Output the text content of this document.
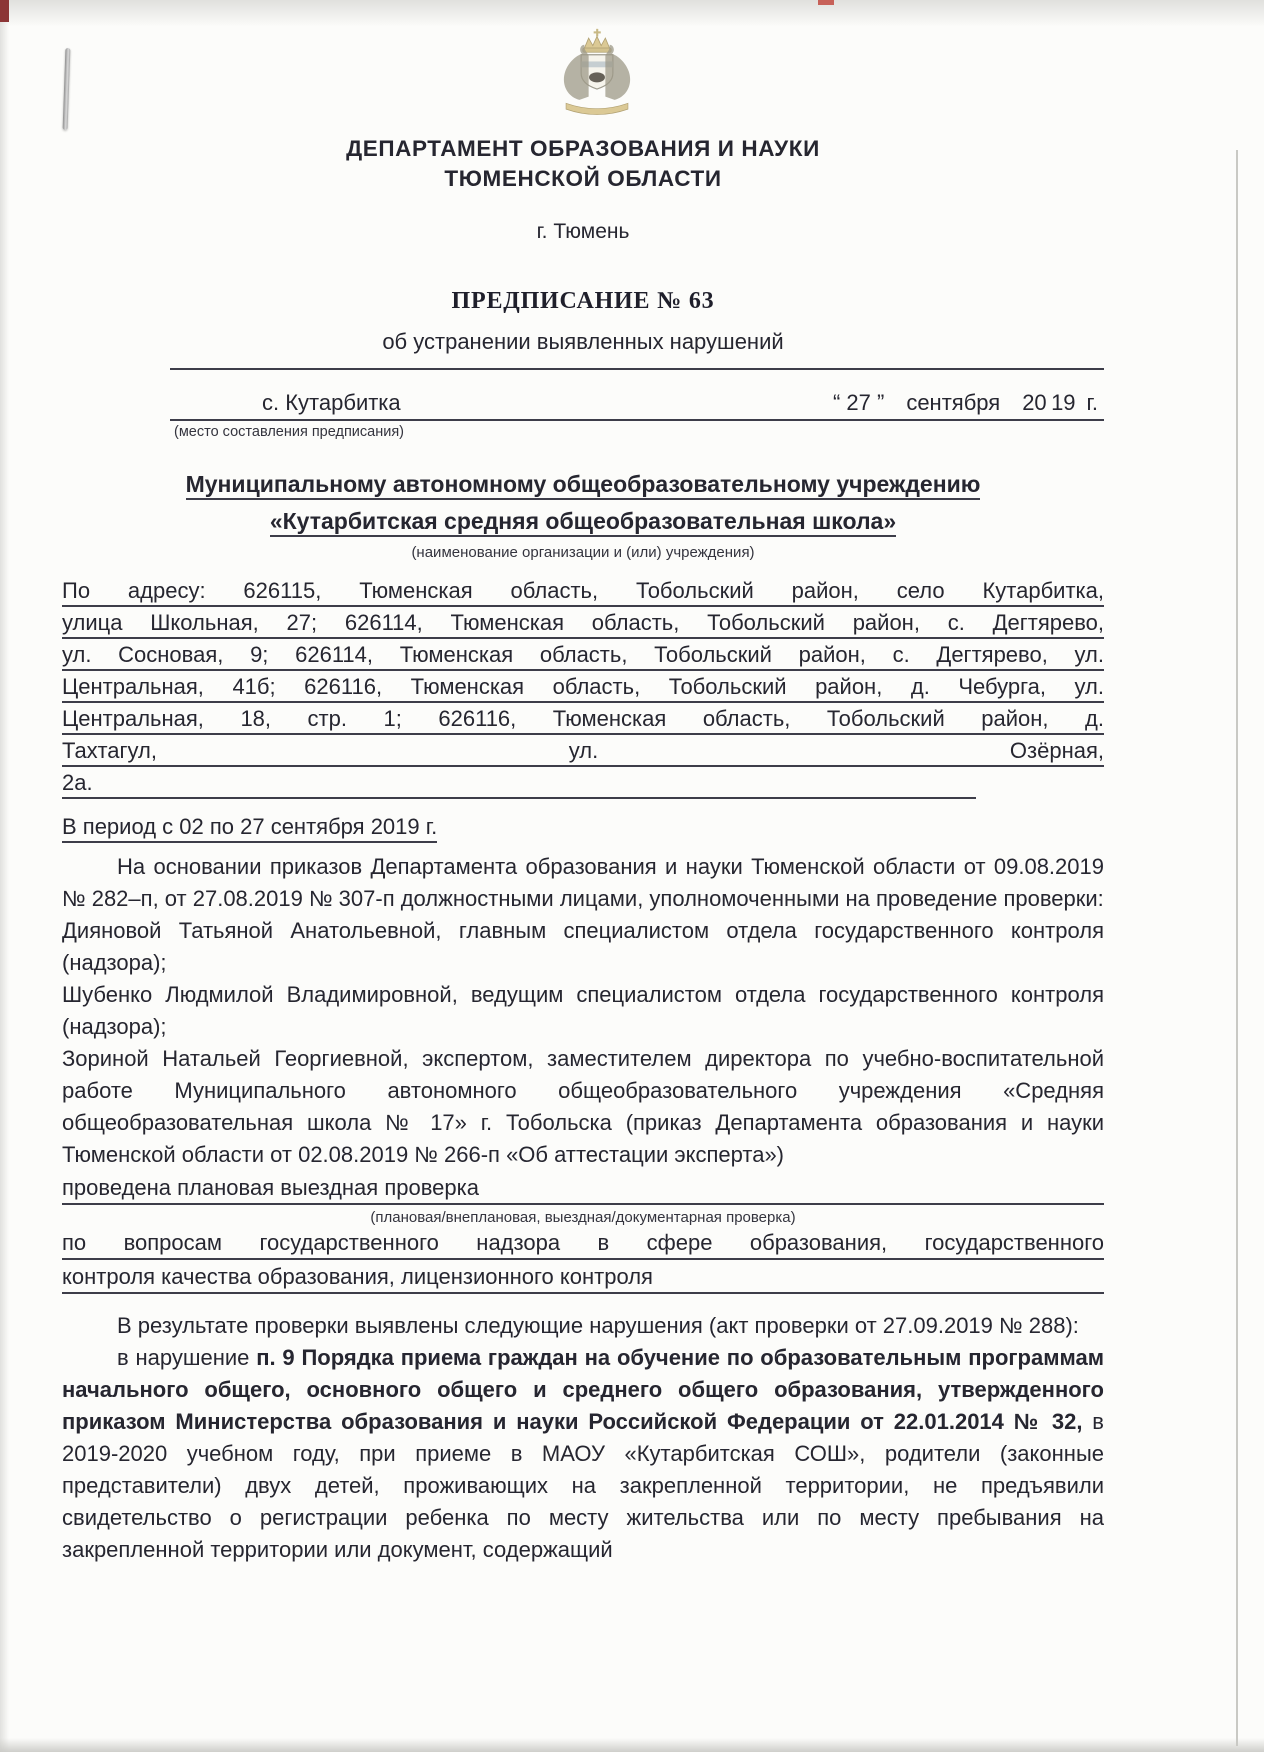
ДЕПАРТАМЕНТ ОБРАЗОВАНИЯ И НАУКИ
ТЮМЕНСКОЙ ОБЛАСТИ
г. Тюмень
ПРЕДПИСАНИЕ № 63
об устранении выявленных нарушений
с. Кутарбитка	“ 27 ” сентября 20 19 г.
(место составления предписания)
Муниципальному автономному общеобразовательному учреждению
«Кутарбитская средняя общеобразовательная школа»
(наименование организации и (или) учреждения)
По адресу: 626115, Тюменская область, Тобольский район, село Кутарбитка,
улица Школьная, 27; 626114, Тюменская область, Тобольский район, с. Дегтярево,
ул. Сосновая, 9; 626114, Тюменская область, Тобольский район, с. Дегтярево, ул.
Центральная, 41б; 626116, Тюменская область, Тобольский район, д. Чебурга, ул.
Центральная, 18, стр. 1; 626116, Тюменская область, Тобольский район, д.
Тахтагул, ул. Озёрная,
2а.
В период с 02 по 27 сентября 2019 г.
На основании приказов Департамента образования и науки Тюменской области от 09.08.2019 № 282–п, от 27.08.2019 № 307-п должностными лицами, уполномоченными на проведение проверки:
Дияновой Татьяной Анатольевной, главным специалистом отдела государственного контроля (надзора);
Шубенко Людмилой Владимировной, ведущим специалистом отдела государственного контроля (надзора);
Зориной Натальей Георгиевной, экспертом, заместителем директора по учебно-воспитательной работе Муниципального автономного общеобразовательного учреждения «Средняя общеобразовательная школа № 17» г. Тобольска (приказ Департамента образования и науки Тюменской области от 02.08.2019 № 266-п «Об аттестации эксперта»)
проведена плановая выездная проверка
(плановая/внеплановая, выездная/документарная проверка)
по вопросам государственного надзора в сфере образования, государственного
контроля качества образования, лицензионного контроля
В результате проверки выявлены следующие нарушения (акт проверки от 27.09.2019 № 288):
в нарушение п. 9 Порядка приема граждан на обучение по образовательным программам начального общего, основного общего и среднего общего образования, утвержденного приказом Министерства образования и науки Российской Федерации от 22.01.2014 № 32, в 2019-2020 учебном году, при приеме в МАОУ «Кутарбитская СОШ», родители (законные представители) двух детей, проживающих на закрепленной территории, не предъявили свидетельство о регистрации ребенка по месту жительства или по месту пребывания на закрепленной территории или документ, содержащий
